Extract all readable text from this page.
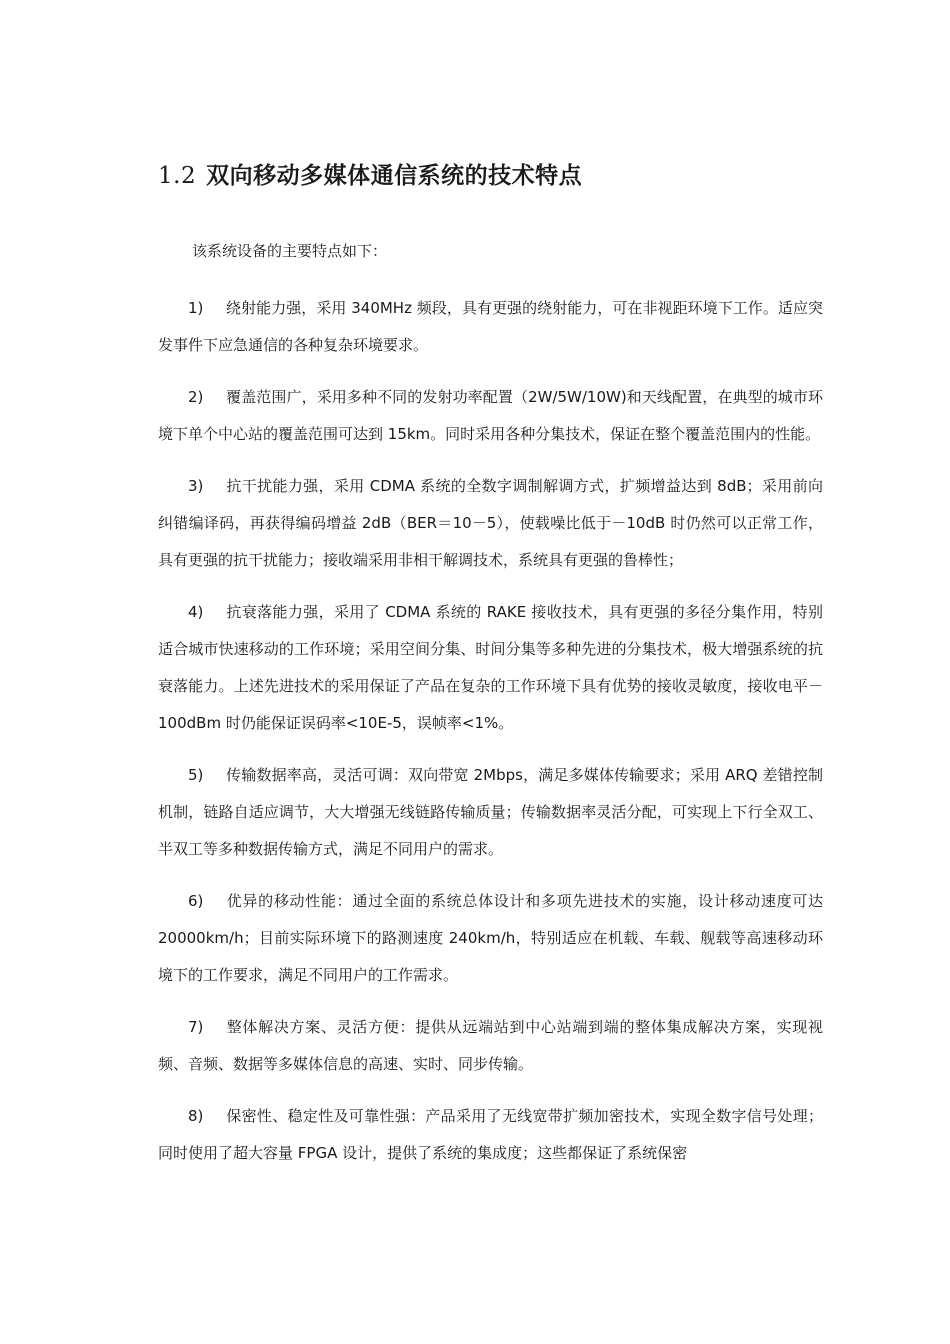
1.2 双向移动多媒体通信系统的技术特点

该系统设备的主要特点如下：

1) 绕射能力强，采用 340MHz 频段，具有更强的绕射能力，可在非视距环境下工作。适应突发事件下应急通信的各种复杂环境要求。

2) 覆盖范围广，采用多种不同的发射功率配置（2W/5W/10W)和天线配置，在典型的城市环境下单个中心站的覆盖范围可达到 15km。同时采用各种分集技术，保证在整个覆盖范围内的性能。

3) 抗干扰能力强，采用 CDMA 系统的全数字调制解调方式，扩频增益达到 8dB；采用前向纠错编译码，再获得编码增益 2dB（BER＝10－5），使载噪比低于－10dB 时仍然可以正常工作，具有更强的抗干扰能力；接收端采用非相干解调技术，系统具有更强的鲁棒性；

4) 抗衰落能力强，采用了 CDMA 系统的 RAKE 接收技术，具有更强的多径分集作用，特别适合城市快速移动的工作环境；采用空间分集、时间分集等多种先进的分集技术，极大增强系统的抗衰落能力。上述先进技术的采用保证了产品在复杂的工作环境下具有优势的接收灵敏度，接收电平－100dBm 时仍能保证误码率<10E-5，误帧率<1%。

5) 传输数据率高，灵活可调：双向带宽 2Mbps，满足多媒体传输要求；采用 ARQ 差错控制机制，链路自适应调节，大大增强无线链路传输质量；传输数据率灵活分配，可实现上下行全双工、半双工等多种数据传输方式，满足不同用户的需求。

6) 优异的移动性能：通过全面的系统总体设计和多项先进技术的实施，设计移动速度可达 20000km/h；目前实际环境下的路测速度 240km/h，特别适应在机载、车载、舰载等高速移动环境下的工作要求，满足不同用户的工作需求。

7) 整体解决方案、灵活方便：提供从远端站到中心站端到端的整体集成解决方案，实现视频、音频、数据等多媒体信息的高速、实时、同步传输。

8) 保密性、稳定性及可靠性强：产品采用了无线宽带扩频加密技术，实现全数字信号处理；同时使用了超大容量 FPGA 设计，提供了系统的集成度；这些都保证了系统保密
